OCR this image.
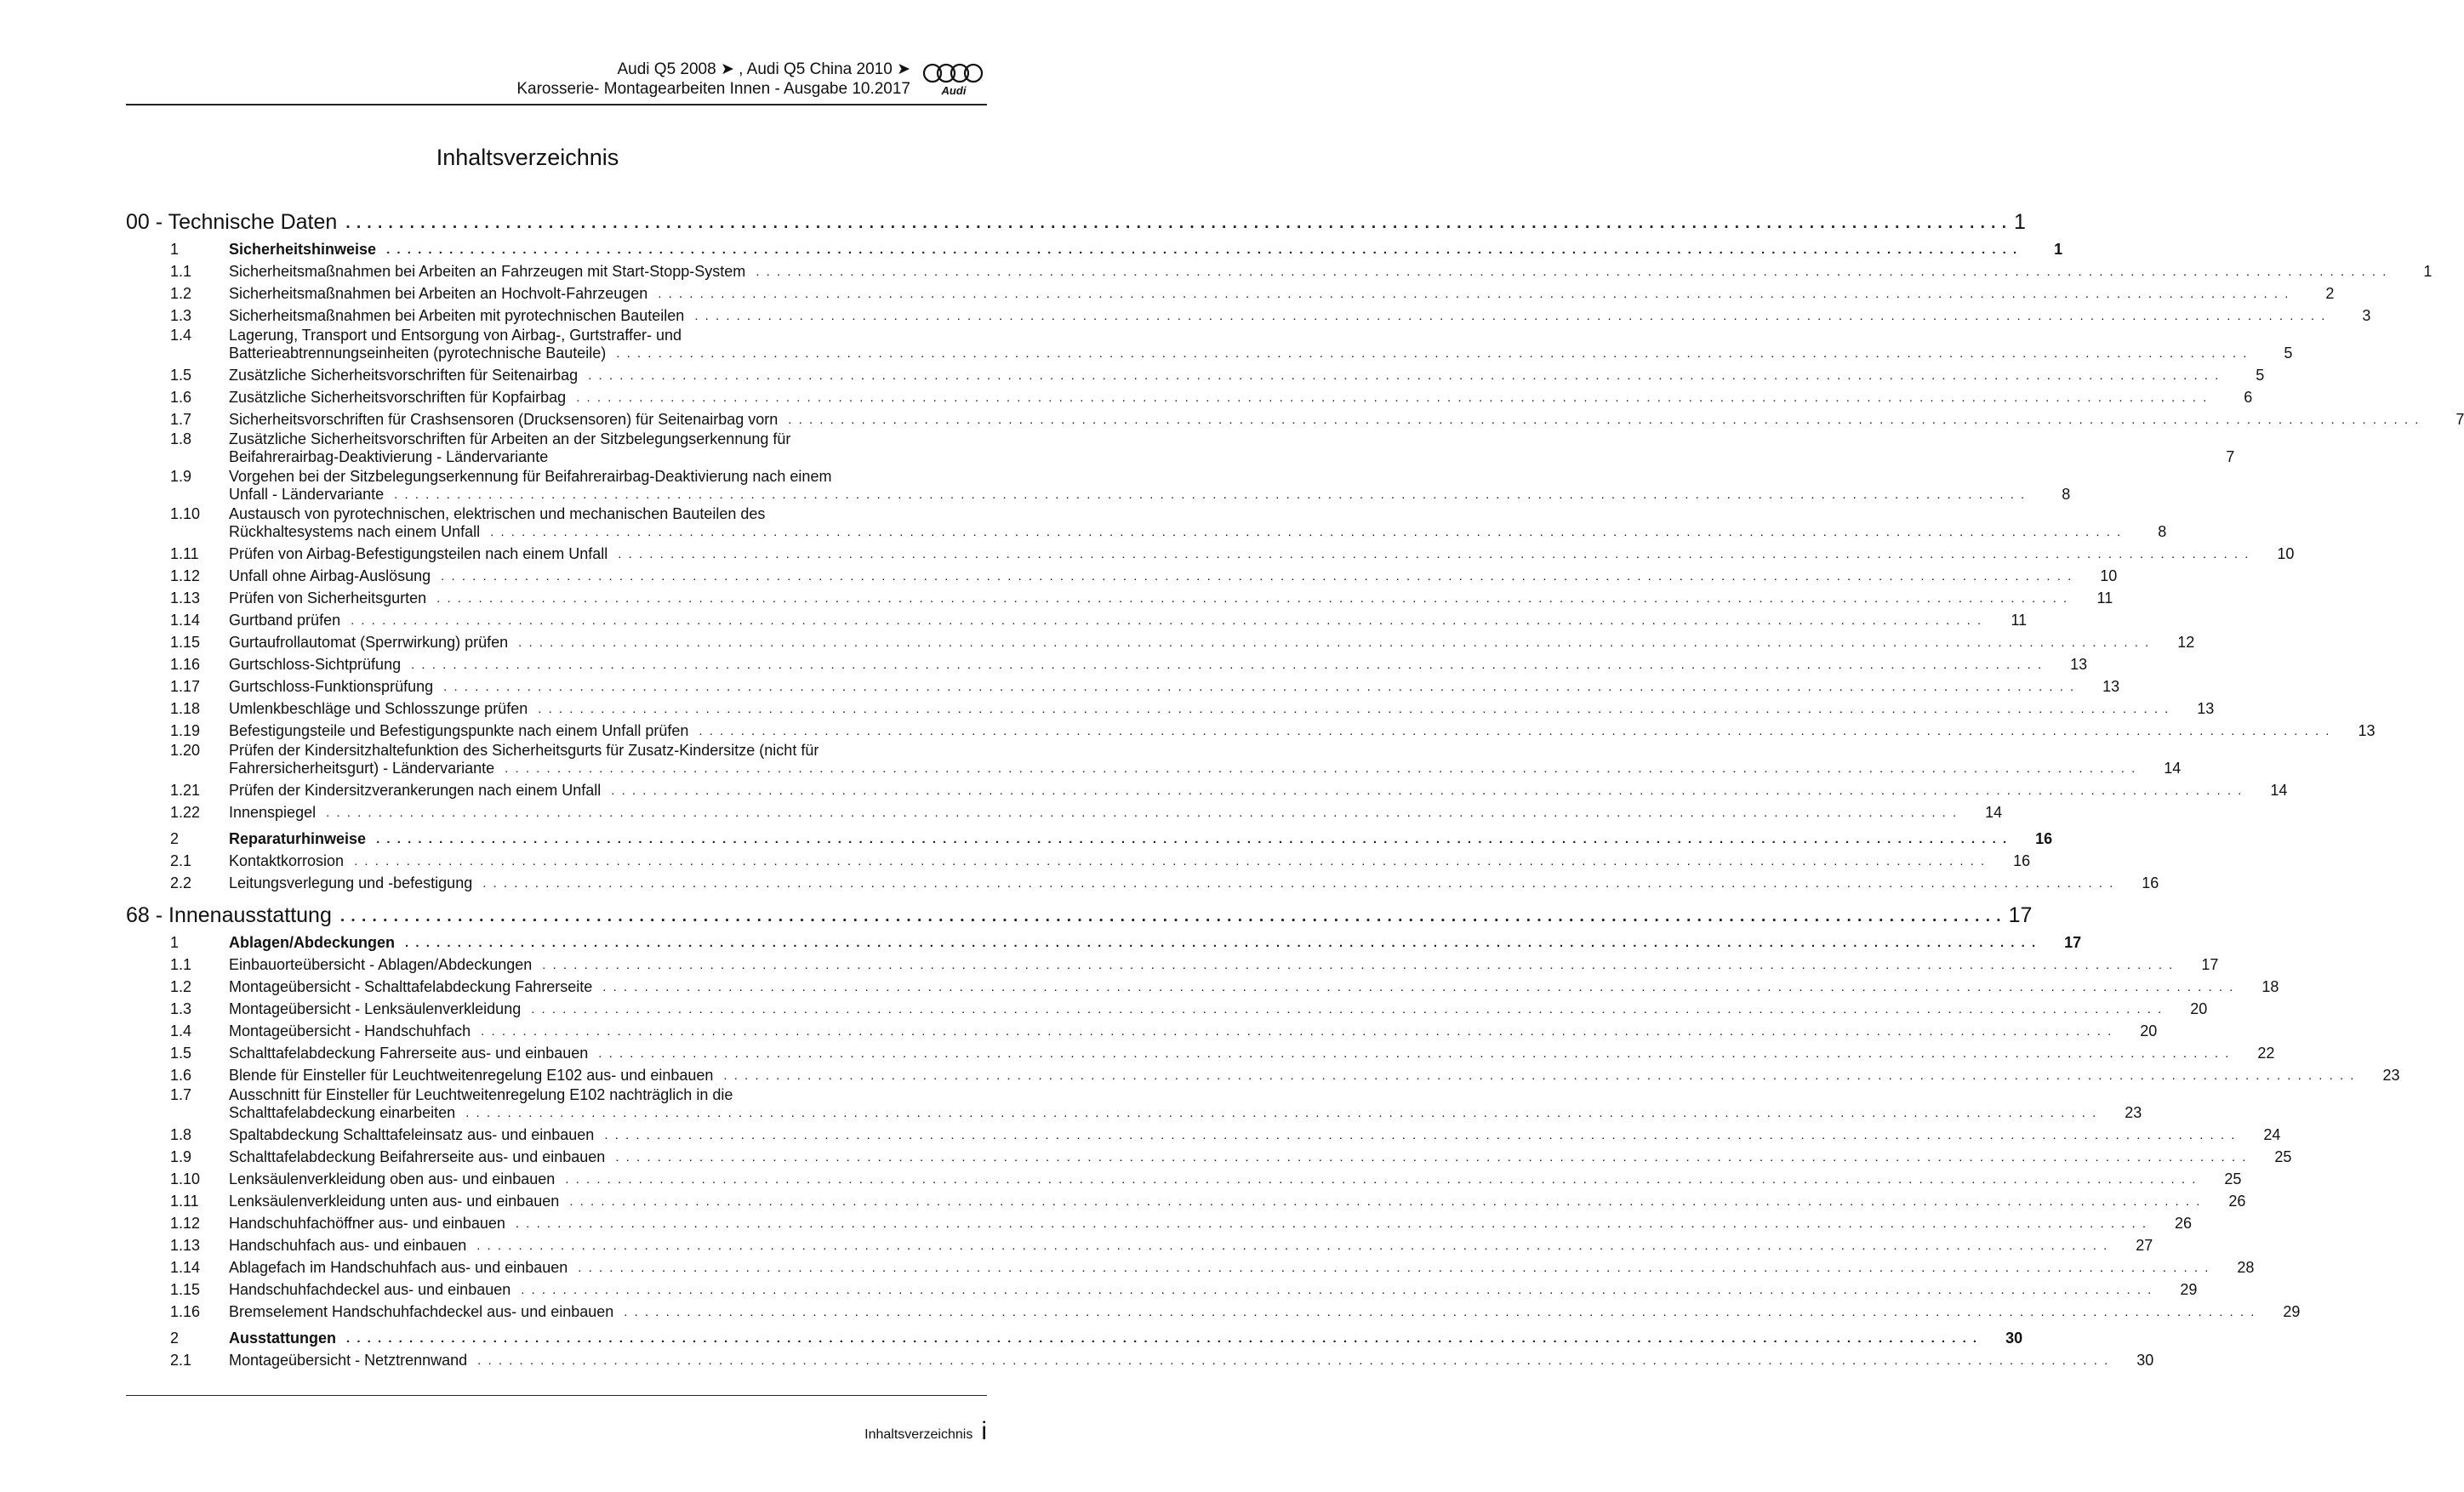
Audi Q5 2008 ➤ , Audi Q5 China 2010 ➤
Karosserie- Montagearbeiten Innen - Ausgabe 10.2017	Audi
Inhaltsverzeichnis
00 - Technische Daten . . .	1
1	Sicherheitshinweise . . .	1
1.1	Sicherheitsmaßnahmen bei Arbeiten an Fahrzeugen mit Start-Stopp-System . . .	1
1.2	Sicherheitsmaßnahmen bei Arbeiten an Hochvolt-Fahrzeugen . . .	2
1.3	Sicherheitsmaßnahmen bei Arbeiten mit pyrotechnischen Bauteilen . . .	3
1.4	Lagerung, Transport und Entsorgung von Airbag-, Gurtstraffer- und
Batterieabtrennungseinheiten (pyrotechnische Bauteile) . . .	5
1.5	Zusätzliche Sicherheitsvorschriften für Seitenairbag . . .	5
1.6	Zusätzliche Sicherheitsvorschriften für Kopfairbag . . .	6
1.7	Sicherheitsvorschriften für Crashsensoren (Drucksensoren) für Seitenairbag vorn . . .	7
1.8	Zusätzliche Sicherheitsvorschriften für Arbeiten an der Sitzbelegungserkennung für
Beifahrerairbag-Deaktivierung - Ländervariante	7
1.9	Vorgehen bei der Sitzbelegungserkennung für Beifahrerairbag-Deaktivierung nach einem
Unfall - Ländervariante . . .	8
1.10	Austausch von pyrotechnischen, elektrischen und mechanischen Bauteilen des
Rückhaltesystems nach einem Unfall . . .	8
1.11	Prüfen von Airbag-Befestigungsteilen nach einem Unfall . . .	10
1.12	Unfall ohne Airbag-Auslösung . . .	10
1.13	Prüfen von Sicherheitsgurten . . .	11
1.14	Gurtband prüfen . . .	11
1.15	Gurtaufrollautomat (Sperrwirkung) prüfen . . .	12
1.16	Gurtschloss-Sichtprüfung . . .	13
1.17	Gurtschloss-Funktionsprüfung . . .	13
1.18	Umlenkbeschläge und Schlosszunge prüfen . . .	13
1.19	Befestigungsteile und Befestigungspunkte nach einem Unfall prüfen . . .	13
1.20	Prüfen der Kindersitzhaltefunktion des Sicherheitsgurts für Zusatz-Kindersitze (nicht für
Fahrersicherheitsgurt) - Ländervariante . . .	14
1.21	Prüfen der Kindersitzverankerungen nach einem Unfall . . .	14
1.22	Innenspiegel . . .	14
2	Reparaturhinweise . . .	16
2.1	Kontaktkorrosion . . .	16
2.2	Leitungsverlegung und -befestigung . . .	16
68 - Innenausstattung . . .	17
1	Ablagen/Abdeckungen . . .	17
1.1	Einbauorteübersicht - Ablagen/Abdeckungen . . .	17
1.2	Montageübersicht - Schalttafelabdeckung Fahrerseite . . .	18
1.3	Montageübersicht - Lenksäulenverkleidung . . .	20
1.4	Montageübersicht - Handschuhfach . . .	20
1.5	Schalttafelabdeckung Fahrerseite aus- und einbauen . . .	22
1.6	Blende für Einsteller für Leuchtweitenregelung E102 aus- und einbauen . . .	23
1.7	Ausschnitt für Einsteller für Leuchtweitenregelung E102 nachträglich in die
Schalttafelabdeckung einarbeiten . . .	23
1.8	Spaltabdeckung Schalttafeleinsatz aus- und einbauen . . .	24
1.9	Schalttafelabdeckung Beifahrerseite aus- und einbauen . . .	25
1.10	Lenksäulenverkleidung oben aus- und einbauen . . .	25
1.11	Lenksäulenverkleidung unten aus- und einbauen . . .	26
1.12	Handschuhfachöffner aus- und einbauen . . .	26
1.13	Handschuhfach aus- und einbauen . . .	27
1.14	Ablagefach im Handschuhfach aus- und einbauen . . .	28
1.15	Handschuhfachdeckel aus- und einbauen . . .	29
1.16	Bremselement Handschuhfachdeckel aus- und einbauen . . .	29
2	Ausstattungen . . .	30
2.1	Montageübersicht - Netztrennwand . . .	30
Inhaltsverzeichnis i
